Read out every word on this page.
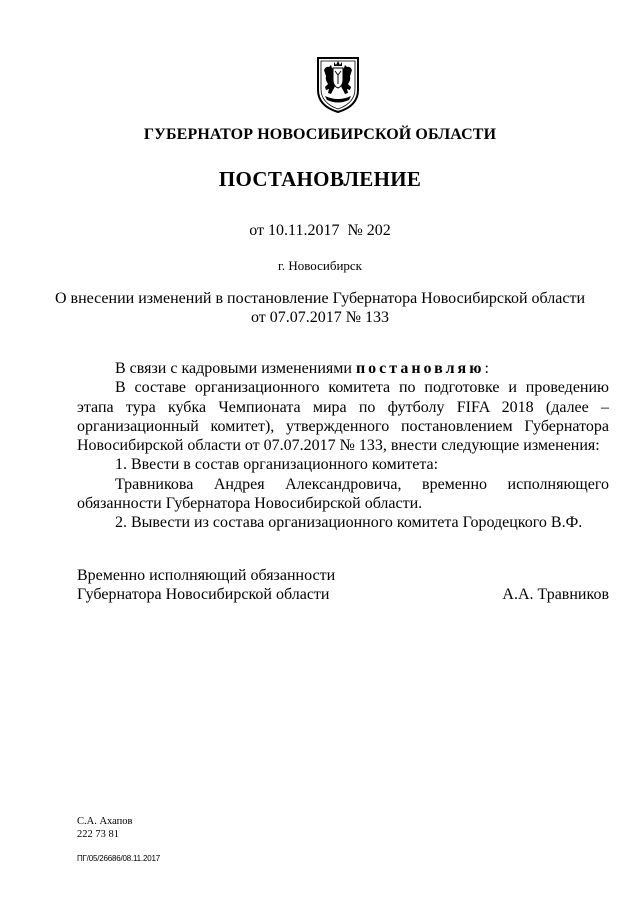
ГУБЕРНАТОР НОВОСИБИРСКОЙ ОБЛАСТИ
ПОСТАНОВЛЕНИЕ
от 10.11.2017  № 202
г. Новосибирск
О внесении изменений в постановление Губернатора Новосибирской области
от 07.07.2017 № 133

В связи с кадровыми изменениями постановляю:

В составе организационного комитета по подготовке и проведению этапа тура кубка Чемпионата мира по футболу FIFA 2018 (далее – организационный комитет), утвержденного постановлением Губернатора Новосибирской области от 07.07.2017 № 133, внести следующие изменения:

1. Ввести в состав организационного комитета:

Травникова Андрея Александровича, временно исполняющего обязанности Губернатора Новосибирской области.

2. Вывести из состава организационного комитета Городецкого В.Ф.

Временно исполняющий обязанности
Губернатора Новосибирской области	А.А. Травников
С.А. Ахапов
222 73 81
ПГ/05/26686/08.11.2017
